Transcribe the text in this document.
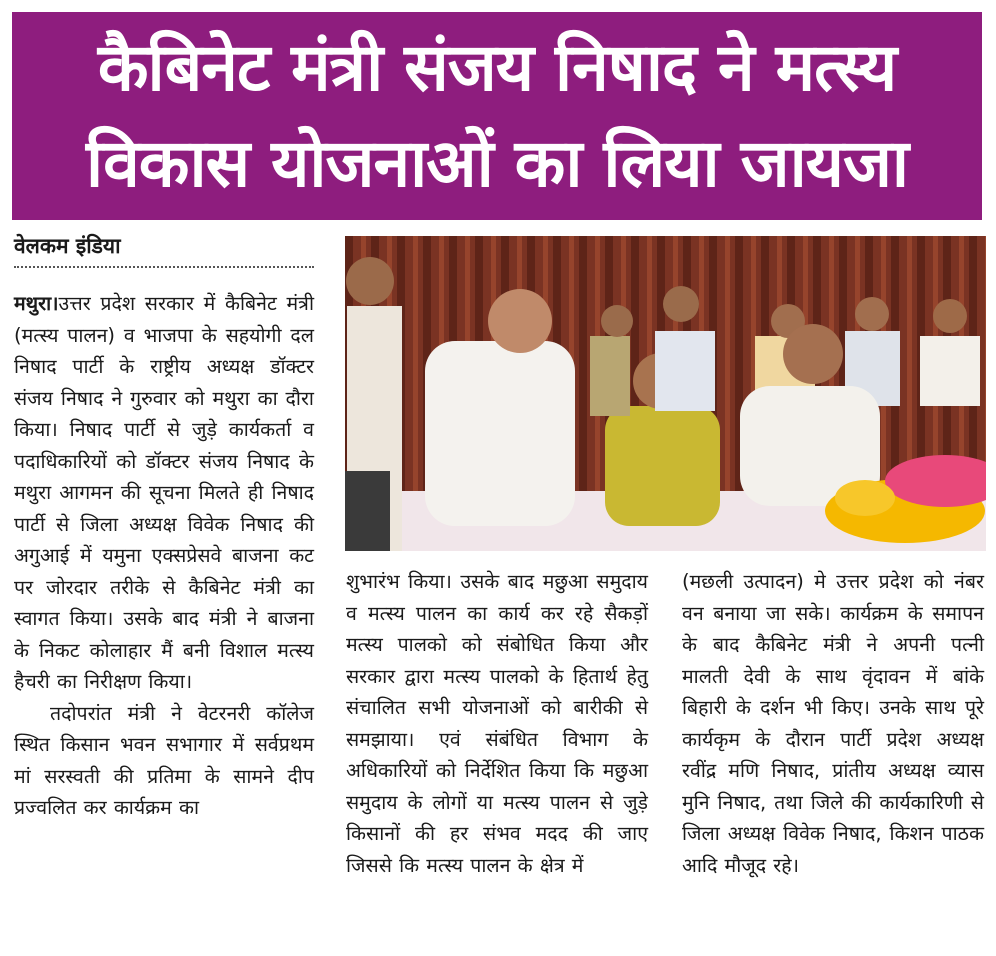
कैबिनेट मंत्री संजय निषाद ने मत्स्य
विकास योजनाओं का लिया जायजा
वेलकम इंडिया

मथुरा।उत्तर प्रदेश सरकार में कैबिनेट मंत्री (मत्स्य पालन) व भाजपा के सहयोगी दल निषाद पार्टी के राष्ट्रीय अध्यक्ष डॉक्टर संजय निषाद ने गुरुवार को मथुरा का दौरा किया। निषाद पार्टी से जुड़े कार्यकर्ता व पदाधिकारियों को डॉक्टर संजय निषाद के मथुरा आगमन की सूचना मिलते ही निषाद पार्टी से जिला अध्यक्ष विवेक निषाद की अगुआई में यमुना एक्सप्रेसवे बाजना कट पर जोरदार तरीके से कैबिनेट मंत्री का स्वागत किया। उसके बाद मंत्री ने बाजना के निकट कोलाहार मैं बनी विशाल मत्स्य हैचरी का निरीक्षण किया।

तदोपरांत मंत्री ने वेटरनरी कॉलेज स्थित किसान भवन सभागार में सर्वप्रथम मां सरस्वती की प्रतिमा के सामने दीप प्रज्वलित कर कार्यक्रम का

शुभारंभ किया। उसके बाद मछुआ समुदाय व मत्स्य पालन का कार्य कर रहे सैकड़ों मत्स्य पालको को संबोधित किया और सरकार द्वारा मत्स्य पालको के हितार्थ हेतु संचालित सभी योजनाओं को बारीकी से समझाया। एवं संबंधित विभाग के अधिकारियों को निर्देशित किया कि मछुआ समुदाय के लोगों या मत्स्य पालन से जुड़े किसानों की हर संभव मदद की जाए जिससे कि मत्स्य पालन के क्षेत्र में

(मछली उत्पादन) मे उत्तर प्रदेश को नंबर वन बनाया जा सके। कार्यक्रम के समापन के बाद कैबिनेट मंत्री ने अपनी पत्नी मालती देवी के साथ वृंदावन में बांके बिहारी के दर्शन भी किए। उनके साथ पूरे कार्यकृम के दौरान पार्टी प्रदेश अध्यक्ष रवींद्र मणि निषाद, प्रांतीय अध्यक्ष व्यास मुनि निषाद, तथा जिले की कार्यकारिणी से जिला अध्यक्ष विवेक निषाद, किशन पाठक आदि मौजूद रहे।
